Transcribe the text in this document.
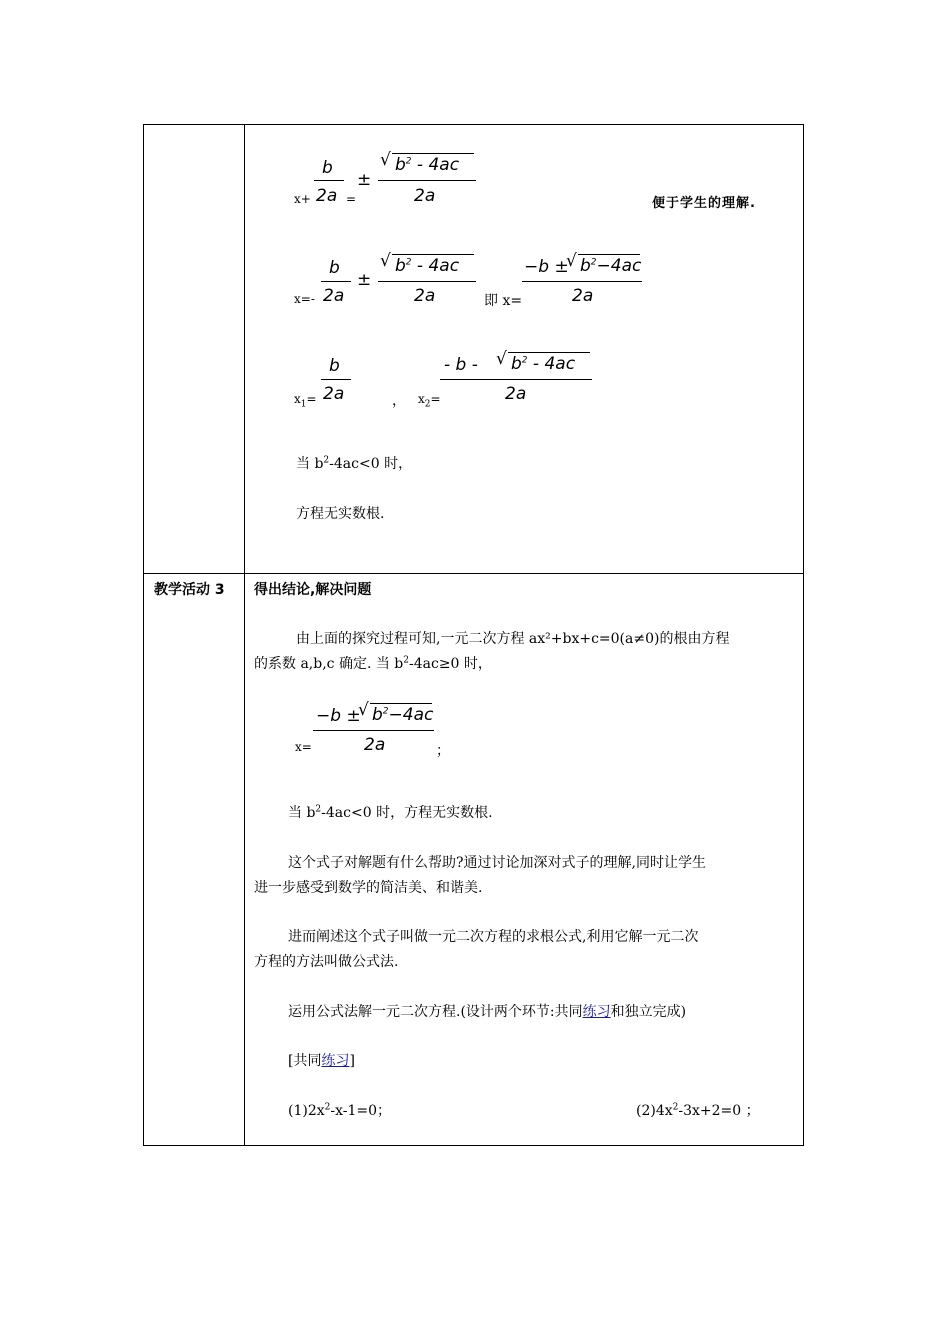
x+
b
2a =
±
√ $b^2 - 4ac$
2a	便于学生的理解.
x=-
b
2a
±
√ $b^2 - 4ac$
2a	即 x=
−b ±
√ $b^2-4ac$
2a
$x_1=$
b
2a	， $x_2=$
- b - √ $b^2 - 4ac$
2a
当 $b^2-4ac<0$ 时，
方程无实数根.
教学活动 3 得出结论,解决问题
由上面的探究过程可知,一元二次方程 ax²+bx+c=0(a≠0)的根由方程
的系数 a,b,c 确定. 当 $b^2-4ac\ge 0$ 时，
x=
−b ±
√ $b^2-4ac$
2a	；
当 $b^2-4ac<0$ 时，方程无实数根.
这个式子对解题有什么帮助?通过讨论加深对式子的理解,同时让学生
进一步感受到数学的简洁美、和谐美.
进而阐述这个式子叫做一元二次方程的求根公式,利用它解一元二次
方程的方法叫做公式法.
运用公式法解一元二次方程.(设计两个环节:共同练习和独立完成)
[共同练习]
$(1)2x^2-x-1=0$；	$(2)4x^2-3x+2=0$ ；
